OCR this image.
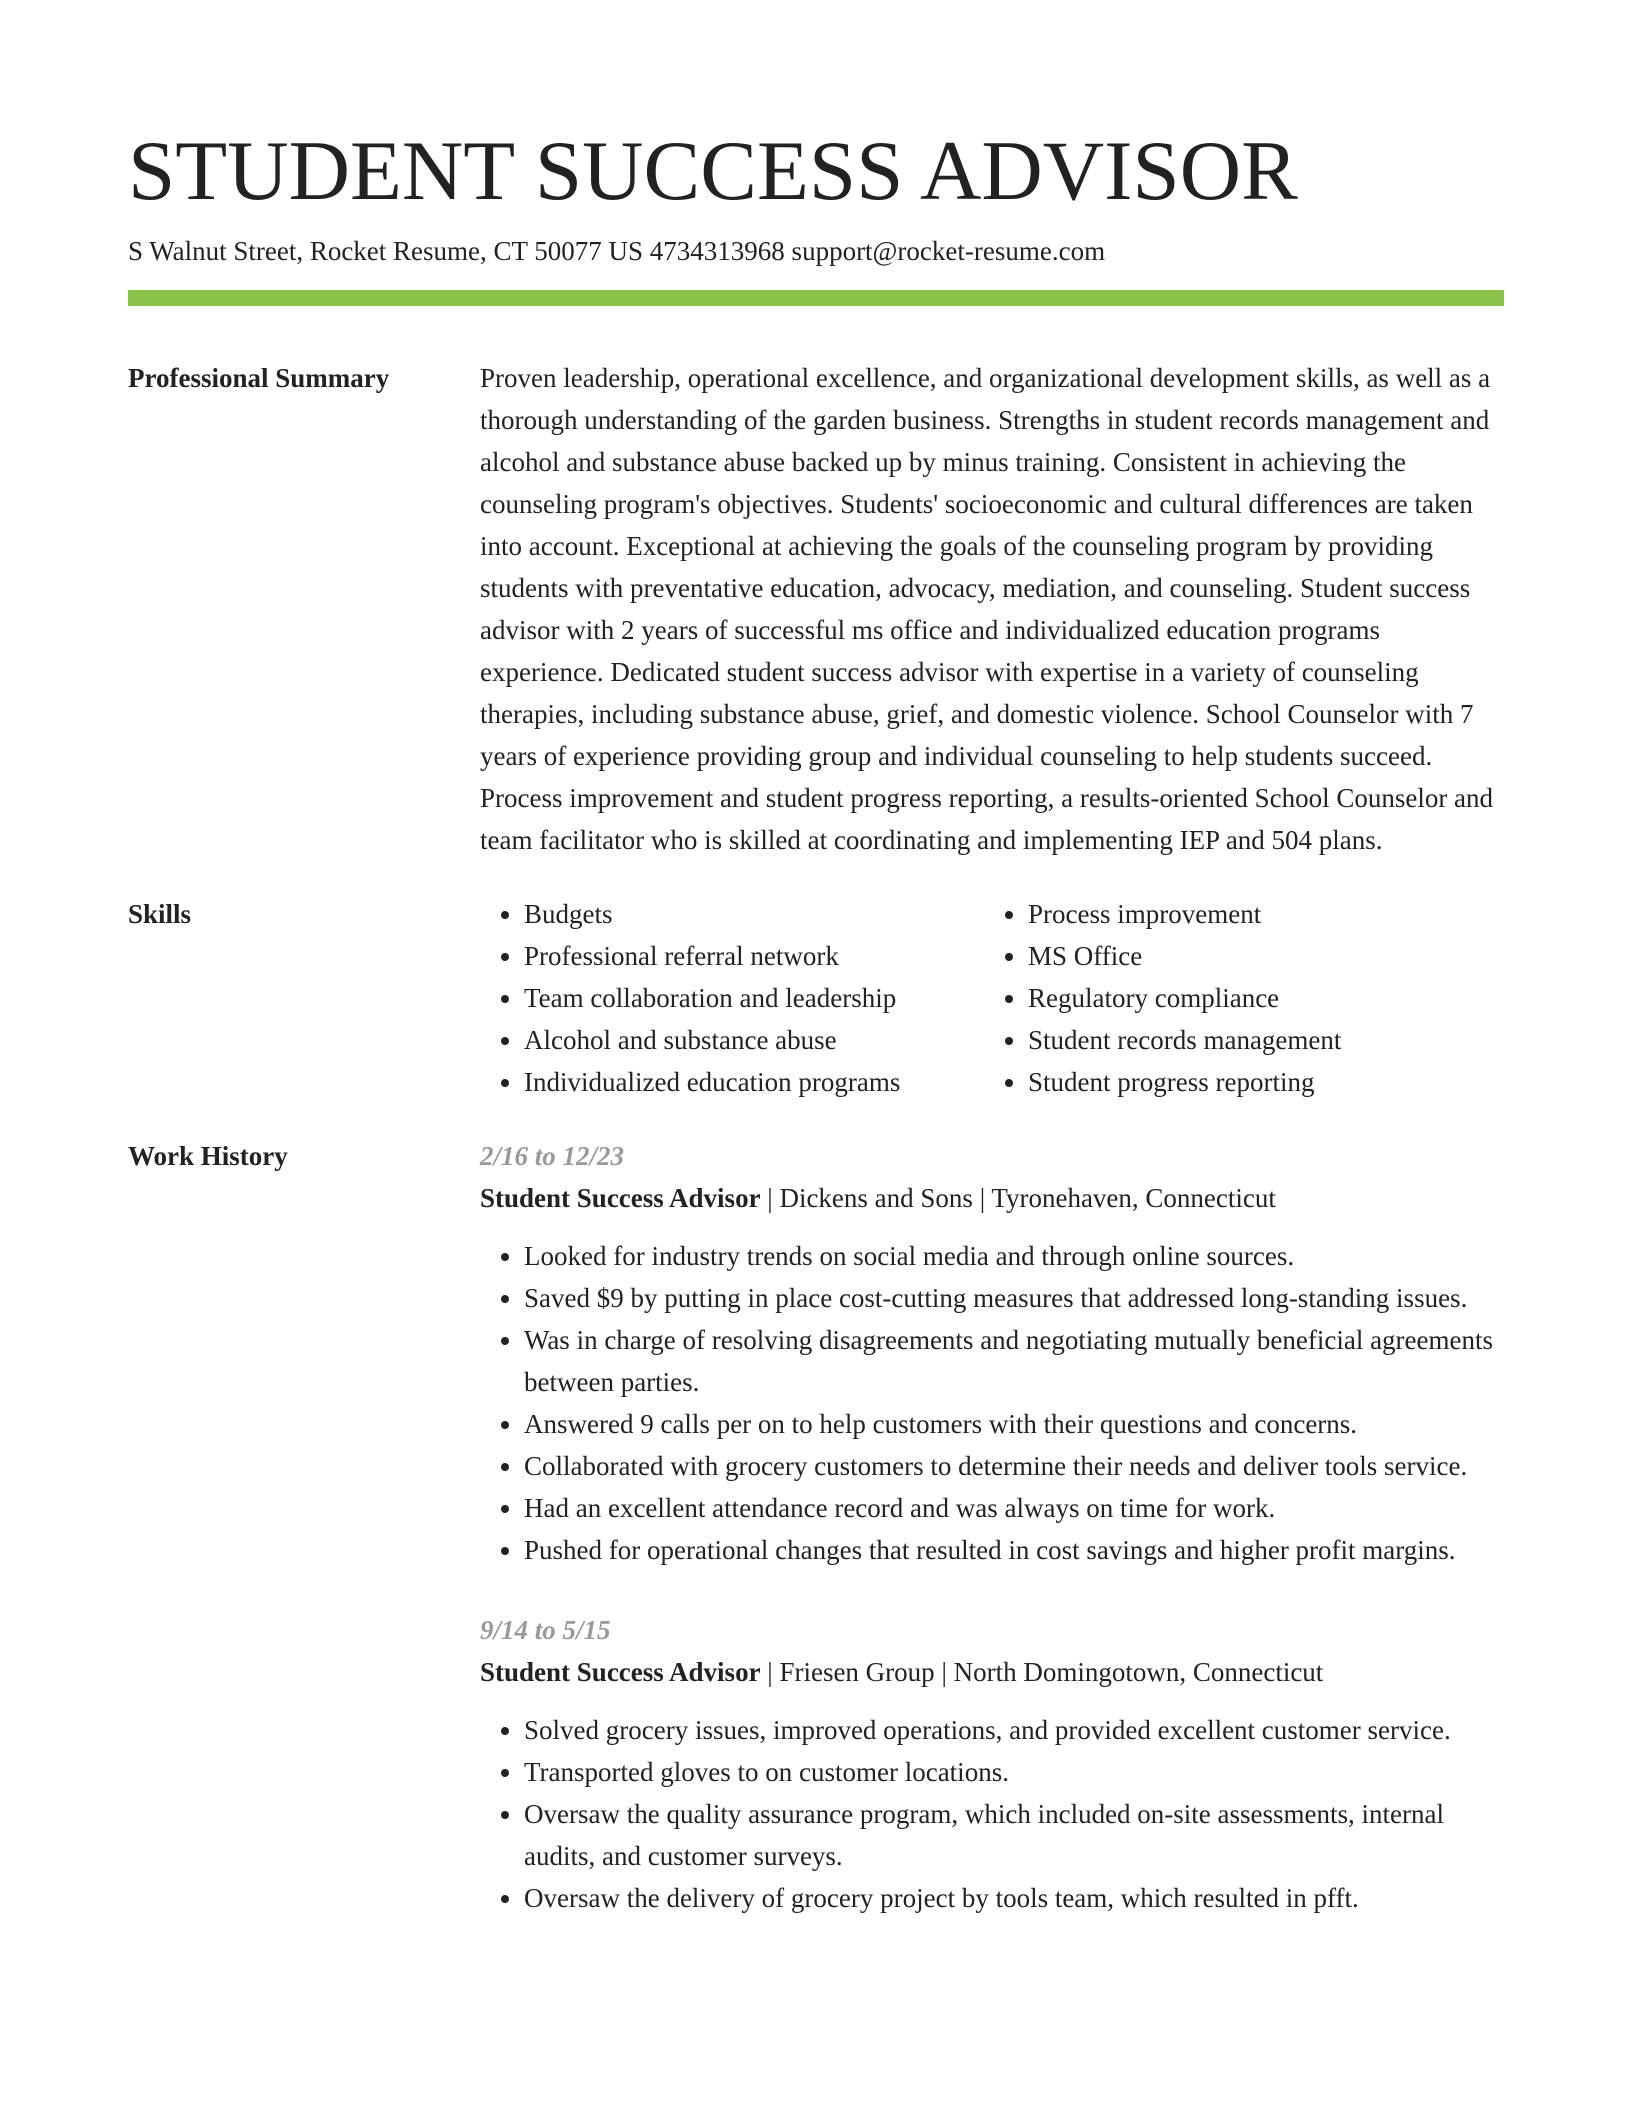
STUDENT SUCCESS ADVISOR
S Walnut Street, Rocket Resume, CT 50077 US 4734313968 support@rocket-resume.com
Professional Summary	Proven leadership, operational excellence, and organizational development skills, as well as a thorough understanding of the garden business. Strengths in student records management and alcohol and substance abuse backed up by minus training. Consistent in achieving the counseling program's objectives. Students' socioeconomic and cultural differences are taken into account. Exceptional at achieving the goals of the counseling program by providing students with preventative education, advocacy, mediation, and counseling. Student success advisor with 2 years of successful ms office and individualized education programs experience. Dedicated student success advisor with expertise in a variety of counseling therapies, including substance abuse, grief, and domestic violence. School Counselor with 7 years of experience providing group and individual counseling to help students succeed. Process improvement and student progress reporting, a results-oriented School Counselor and team facilitator who is skilled at coordinating and implementing IEP and 504 plans.
Skills
•	Budgets
• Professional referral network
• Team collaboration and leadership
• Alcohol and substance abuse
• Individualized education programs
• Process improvement
• MS Office
• Regulatory compliance
• Student records management
• Student progress reporting
Work History	2/16 to 12/23
Student Success Advisor | Dickens and Sons | Tyronehaven, Connecticut
• Looked for industry trends on social media and through online sources.
• Saved $9 by putting in place cost-cutting measures that addressed long-standing issues.
• Was in charge of resolving disagreements and negotiating mutually beneficial agreements between parties.
• Answered 9 calls per on to help customers with their questions and concerns.
• Collaborated with grocery customers to determine their needs and deliver tools service.
• Had an excellent attendance record and was always on time for work.
• Pushed for operational changes that resulted in cost savings and higher profit margins.
9/14 to 5/15
Student Success Advisor | Friesen Group | North Domingotown, Connecticut
• Solved grocery issues, improved operations, and provided excellent customer service.
• Transported gloves to on customer locations.
• Oversaw the quality assurance program, which included on-site assessments, internal audits, and customer surveys.
• Oversaw the delivery of grocery project by tools team, which resulted in pfft.
